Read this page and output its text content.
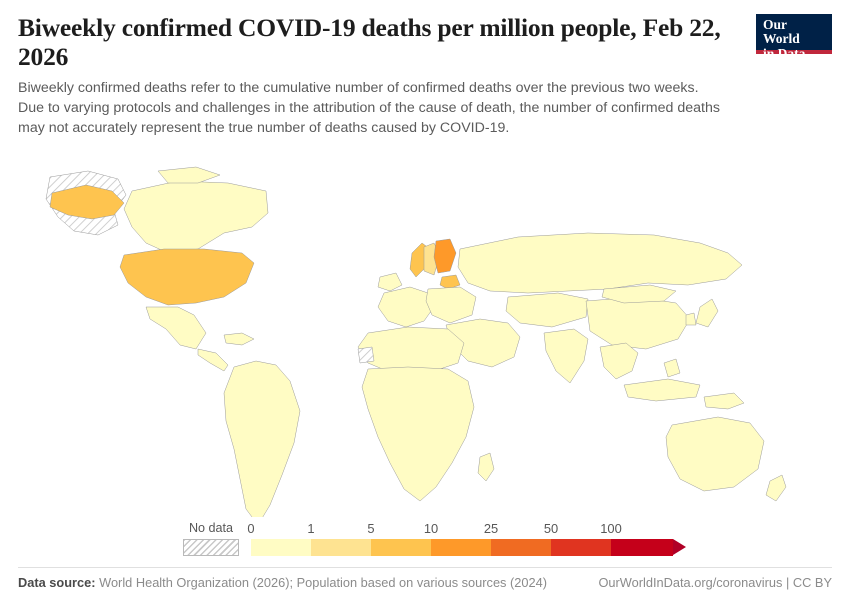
Biweekly confirmed COVID-19 deaths per million people, Feb 22, 2026

Biweekly confirmed deaths refer to the cumulative number of confirmed deaths over the previous two weeks. Due to varying protocols and challenges in the attribution of the cause of death, the number of confirmed deaths may not accurately represent the true number of deaths caused by COVID-19.

Our World
in Data
No data	0	1	5	10	25	50	100
Data source: World Health Organization (2026); Population based on various sources (2024)	OurWorldInData.org/coronavirus | CC BY
